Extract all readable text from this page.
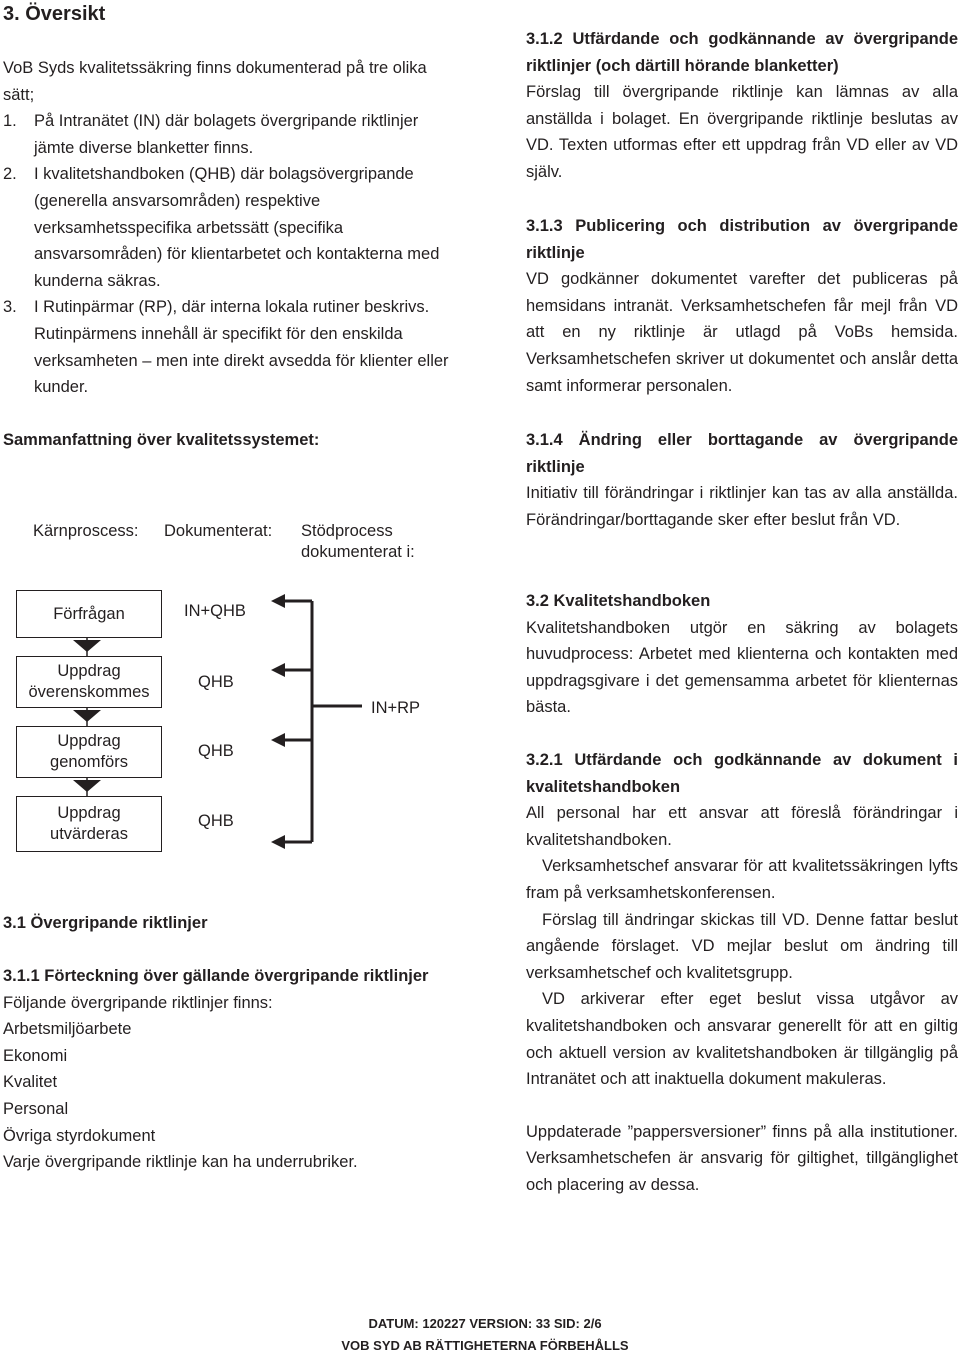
3. Översikt

VoB Syds kvalitetssäkring finns dokumenterad på tre olika sätt;

1. På Intranätet (IN) där bolagets övergripande riktlinjer jämte diverse blanketter finns.
2. I kvalitetshandboken (QHB) där bolagsövergripande (generella ansvarsområden) respektive verksamhetsspecifika arbetssätt (specifika ansvarsområden) för klientarbetet och kontakterna med kunderna säkras.
3. I Rutinpärmar (RP), där interna lokala rutiner beskrivs. Rutinpärmens innehåll är specifikt för den enskilda verksamheten – men inte direkt avsedda för klienter eller kunder.

Sammanfattning över kvalitetssystemet:

Kärnproscess: Dokumenterat: Stödprocess dokumenterat i:
Förfrågan
Uppdrag överenskommes
Uppdrag genomförs
Uppdrag utvärderas
IN+QHB
QHB
QHB
QHB
IN+RP

3.1 Övergripande riktlinjer

3.1.1 Förteckning över gällande övergripande riktlinjer

Följande övergripande riktlinjer finns:

Arbetsmiljöarbete
Ekonomi
Kvalitet
Personal
Övriga styrdokument

Varje övergripande riktlinje kan ha underrubriker.

3.1.2 Utfärdande och godkännande av övergripande riktlinjer (och därtill hörande blanketter)

Förslag till övergripande riktlinje kan lämnas av alla anställda i bolaget. En övergripande riktlinje beslutas av VD. Texten utformas efter ett uppdrag från VD eller av VD själv.

3.1.3 Publicering och distribution av övergripande riktlinje

VD godkänner dokumentet varefter det publiceras på hemsidans intranät. Verksamhetschefen får mejl från VD att en ny riktlinje är utlagd på VoBs hemsida. Verksamhetschefen skriver ut dokumentet och anslår detta samt informerar personalen.

3.1.4 Ändring eller borttagande av övergripande riktlinje

Initiativ till förändringar i riktlinjer kan tas av alla anställda. Förändringar/borttagande sker efter beslut från VD.

3.2 Kvalitetshandboken

Kvalitetshandboken utgör en säkring av bolagets huvudprocess: Arbetet med klienterna och kontakten med uppdragsgivare i det gemensamma arbetet för klienternas bästa.

3.2.1 Utfärdande och godkännande av dokument i kvalitetshandboken

All personal har ett ansvar att föreslå förändringar i kvalitetshandboken.

Verksamhetschef ansvarar för att kvalitetssäkringen lyfts fram på verksamhetskonferensen.

Förslag till ändringar skickas till VD. Denne fattar beslut angående förslaget. VD mejlar beslut om ändring till verksamhetschef och kvalitetsgrupp.

VD arkiverar efter eget beslut vissa utgåvor av kvalitetshandboken och ansvarar generellt för att en giltig och aktuell version av kvalitetshandboken är tillgänglig på Intranätet och att inaktuella dokument makuleras.

Uppdaterade ”pappersversioner” finns på alla institutioner. Verksamhetschefen är ansvarig för giltighet, tillgänglighet och placering av dessa.

DATUM: 120227 VERSION: 33 SID: 2/6
VOB SYD AB RÄTTIGHETERNA FÖRBEHÅLLS
